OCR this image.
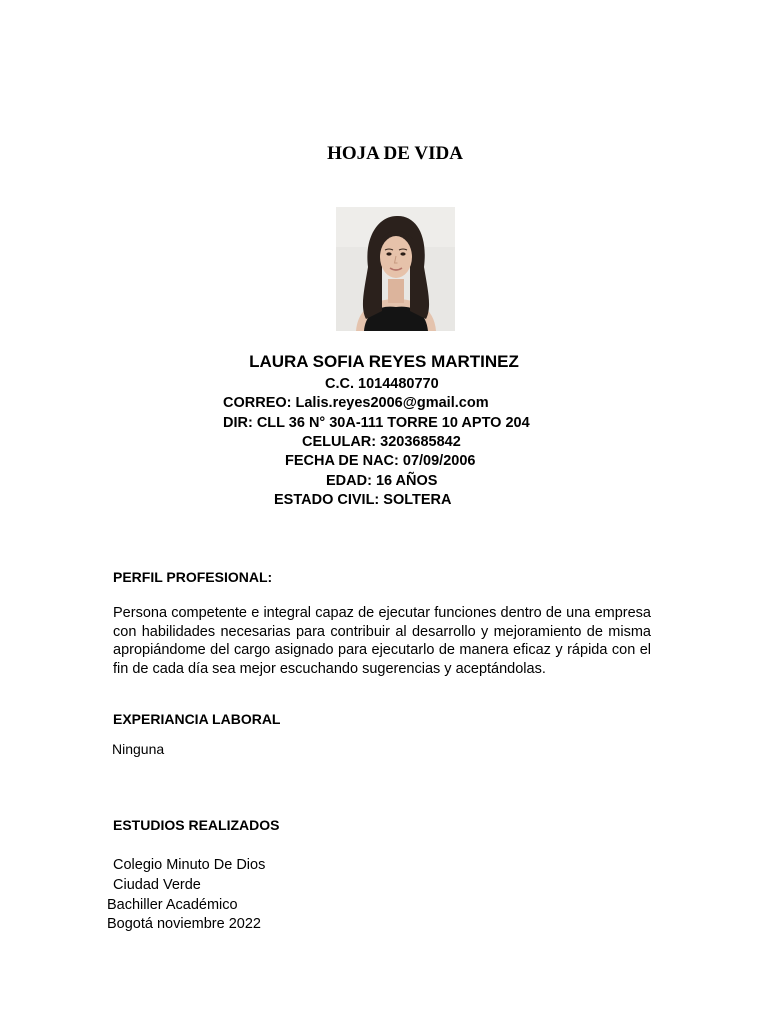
HOJA DE VIDA
LAURA SOFIA REYES MARTINEZ
C.C. 1014480770
CORREO: Lalis.reyes2006@gmail.com
DIR: CLL 36 N° 30A-111 TORRE 10 APTO 204
CELULAR: 3203685842
FECHA DE NAC: 07/09/2006
EDAD: 16 AÑOS
ESTADO CIVIL: SOLTERA
PERFIL PROFESIONAL:
Persona competente e integral capaz de ejecutar funciones dentro de una empresa con habilidades necesarias para contribuir al desarrollo y mejoramiento de misma apropiándome del cargo asignado para ejecutarlo de manera eficaz y rápida con el fin de cada día sea mejor escuchando sugerencias y aceptándolas.
EXPERIANCIA LABORAL
Ninguna
ESTUDIOS REALIZADOS
Colegio Minuto De Dios
Ciudad Verde
Bachiller Académico
Bogotá noviembre 2022
